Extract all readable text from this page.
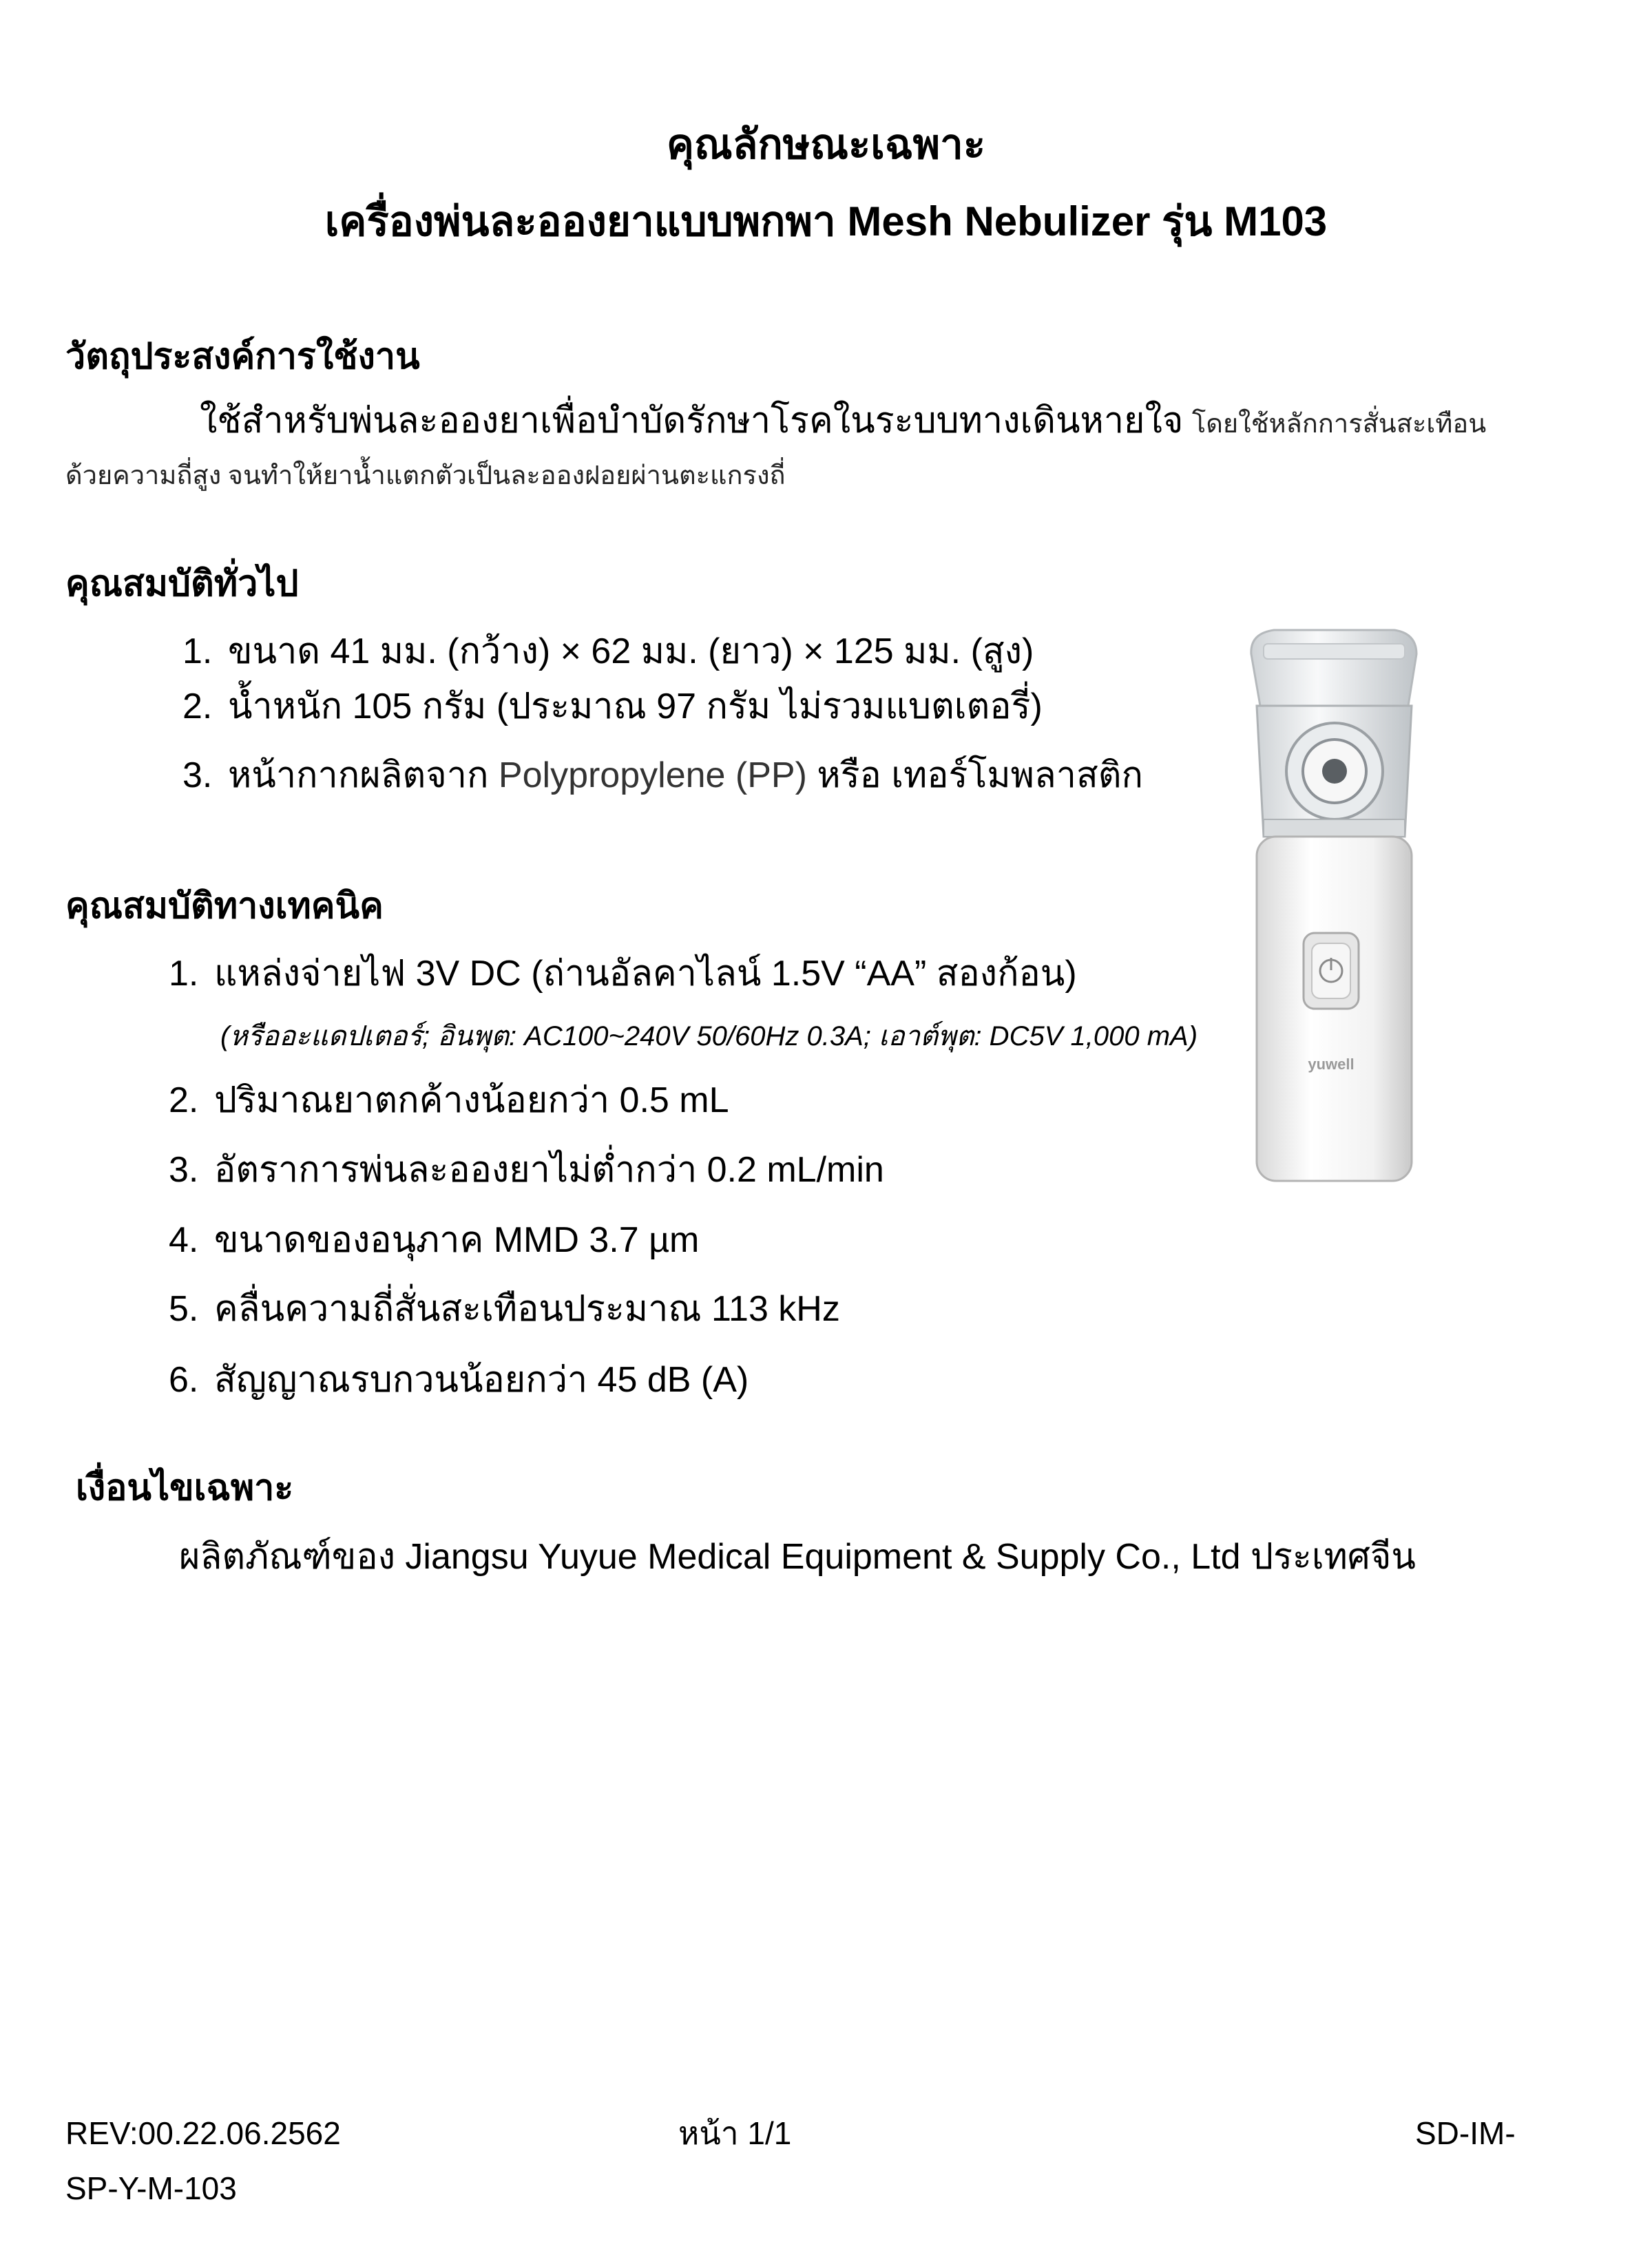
คุณลักษณะเฉพาะ
เครื่องพ่นละอองยาแบบพกพา Mesh Nebulizer รุ่น M103
วัตถุประสงค์การใช้งาน
ใช้สำหรับพ่นละอองยาเพื่อบำบัดรักษาโรคในระบบทางเดินหายใจ โดยใช้หลักการสั่นสะเทือน
ด้วยความถี่สูง จนทำให้ยาน้ำแตกตัวเป็นละอองฝอยผ่านตะแกรงถี่
คุณสมบัติทั่วไป
1. ขนาด 41 มม. (กว้าง) × 62 มม. (ยาว) × 125 มม. (สูง)
2. น้ำหนัก 105 กรัม (ประมาณ 97 กรัม ไม่รวมแบตเตอรี่)
3. หน้ากากผลิตจาก Polypropylene (PP) หรือ เทอร์โมพลาสติก
yuwell
คุณสมบัติทางเทคนิค
1. แหล่งจ่ายไฟ 3V DC (ถ่านอัลคาไลน์ 1.5V “AA” สองก้อน)
(หรืออะแดปเตอร์; อินพุต: AC100~240V 50/60Hz 0.3A; เอาต์พุต: DC5V 1,000 mA)
2. ปริมาณยาตกค้างน้อยกว่า 0.5 mL
3. อัตราการพ่นละอองยาไม่ต่ำกว่า 0.2 mL/min
4. ขนาดของอนุภาค MMD 3.7 µm
5. คลื่นความถี่สั่นสะเทือนประมาณ 113 kHz
6. สัญญาณรบกวนน้อยกว่า 45 dB (A)
เงื่อนไขเฉพาะ
ผลิตภัณฑ์ของ Jiangsu Yuyue Medical Equipment & Supply Co., Ltd ประเทศจีน
REV:00.22.06.2562	หน้า 1/1	SD-IM-
SP-Y-M-103
